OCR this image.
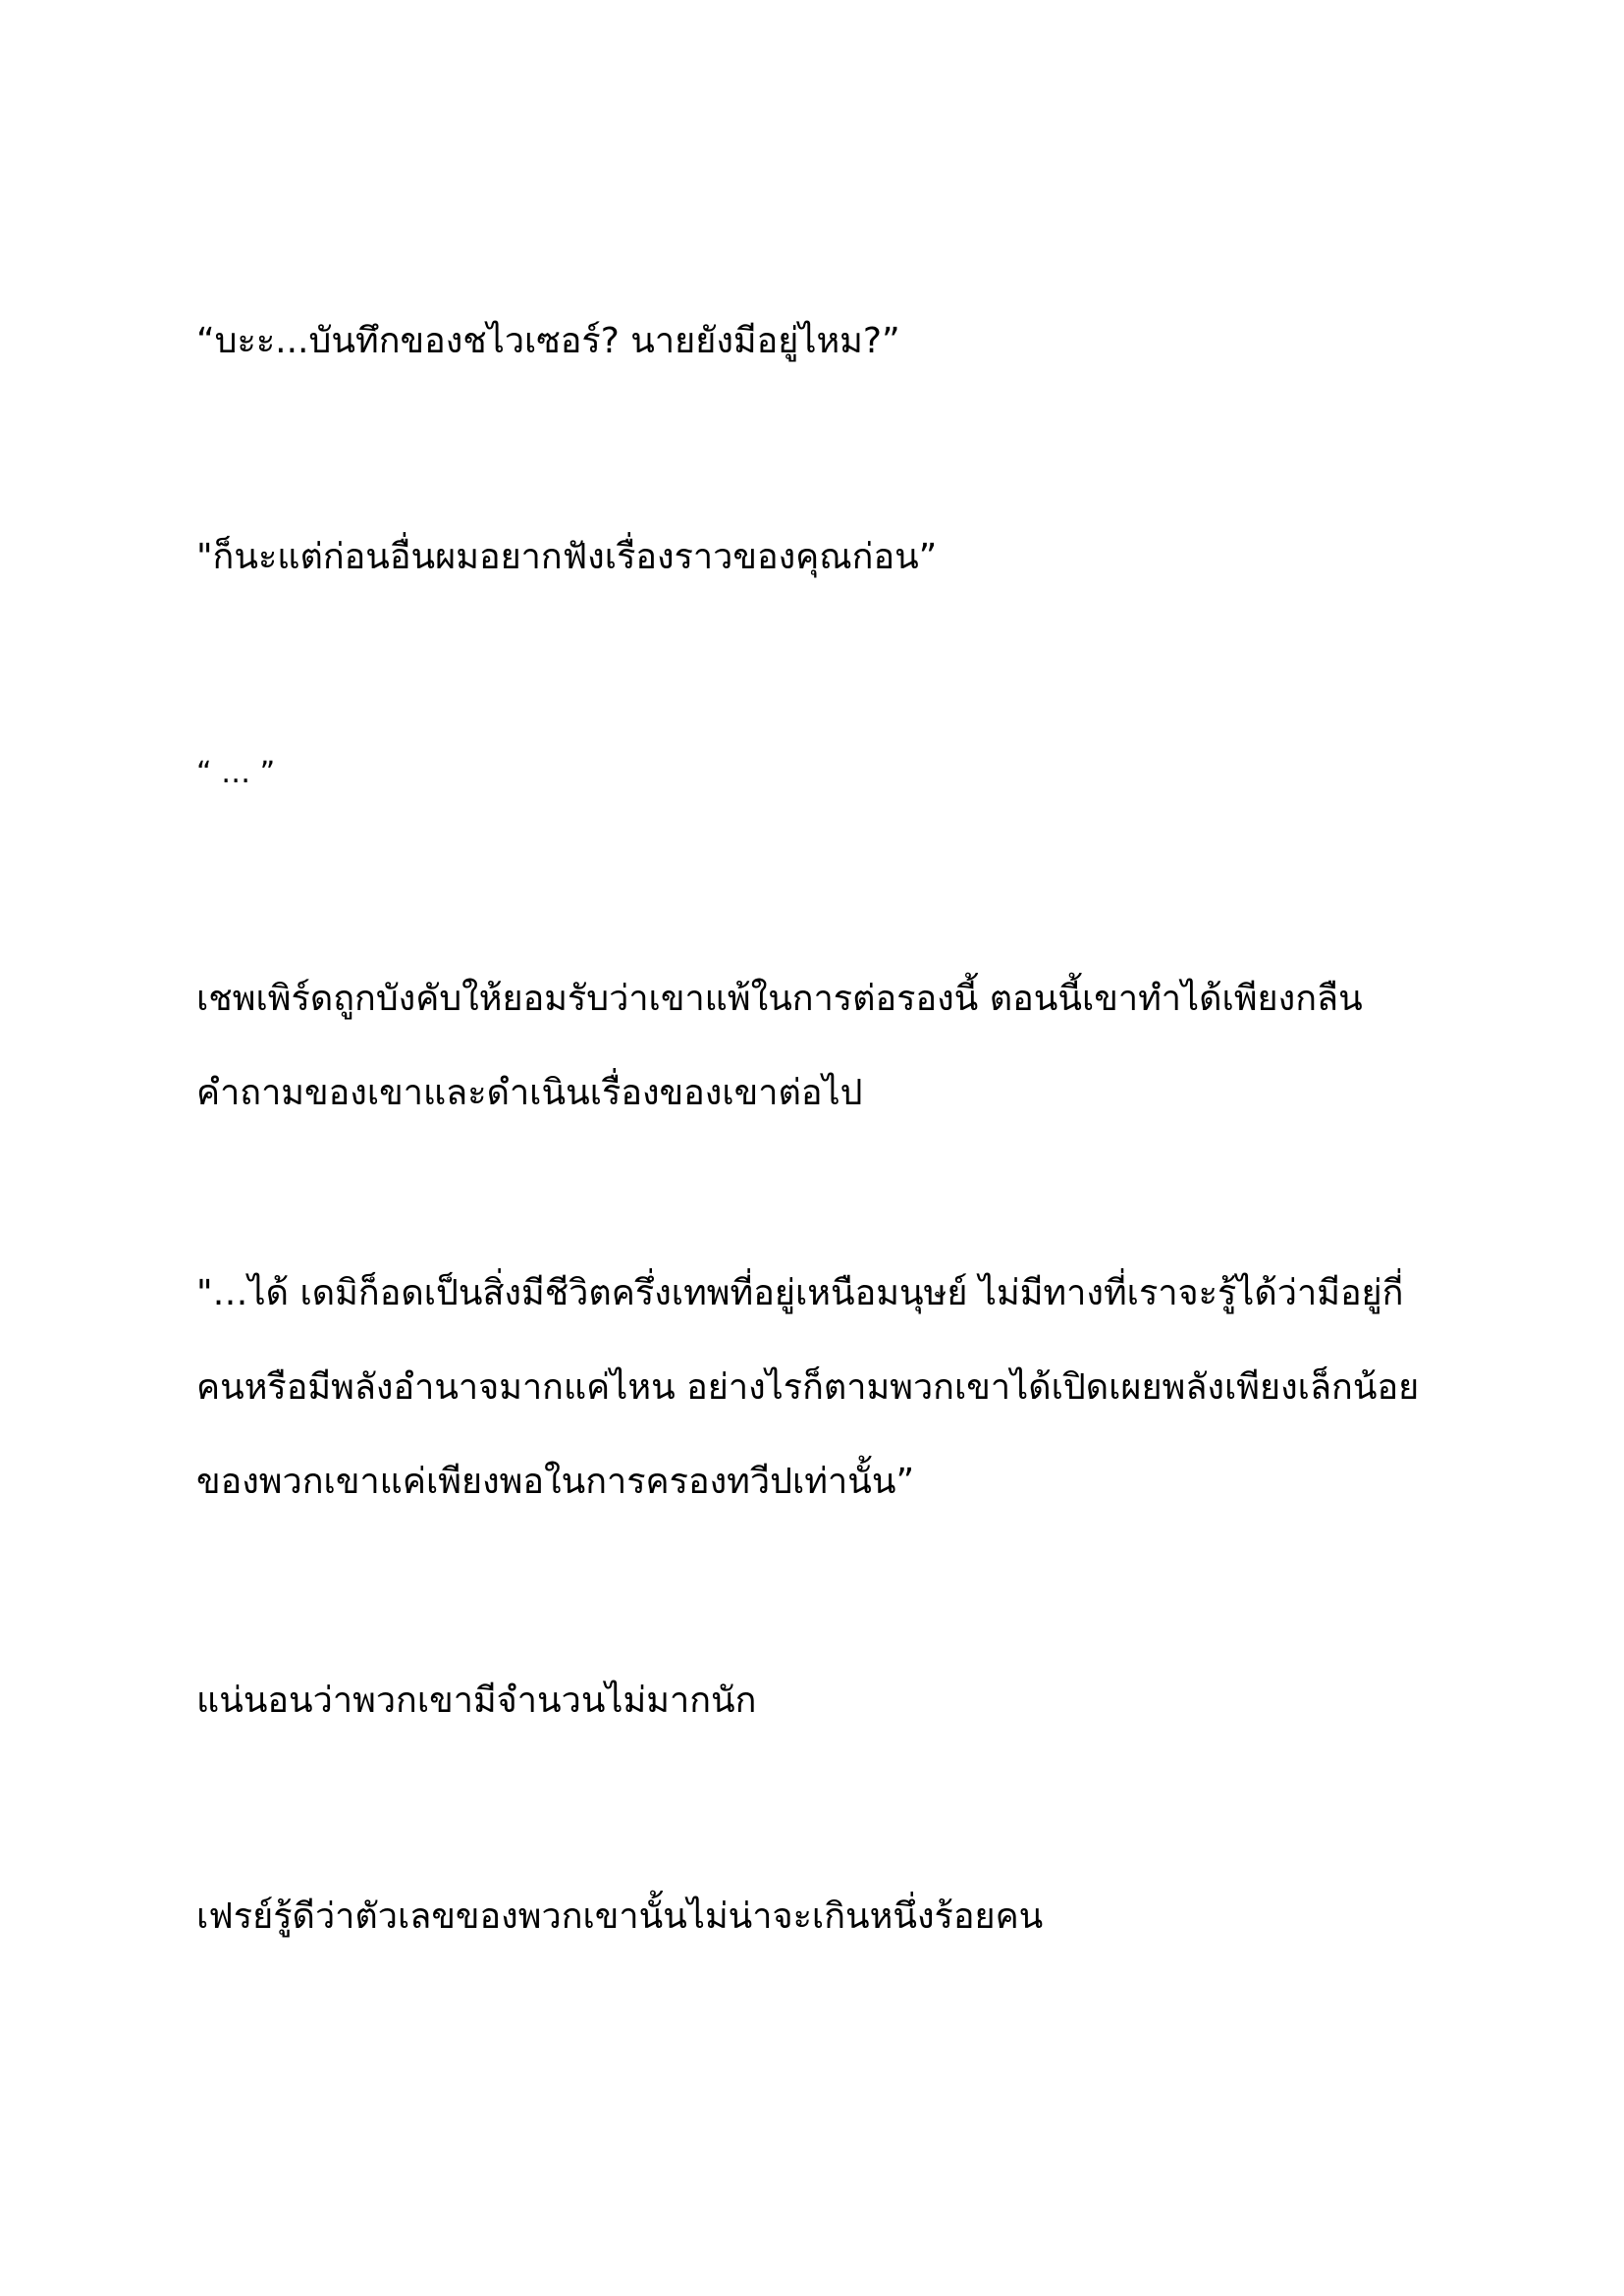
“บะะ...บันทึกของชไวเซอร์? นายยังมีอยู่ไหม?”

"ก็นะแต่ก่อนอื่นผมอยากฟังเรื่องราวของคุณก่อน”

“ … ”

เชพเพิร์ดถูกบังคับให้ยอมรับว่าเขาแพ้ในการต่อรองนี้ ตอนนี้เขาทำได้เพียงกลืน
คำถามของเขาและดำเนินเรื่องของเขาต่อไป

"…ได้ เดมิก็อดเป็นสิ่งมีชีวิตครึ่งเทพที่อยู่เหนือมนุษย์ ไม่มีทางที่เราจะรู้ได้ว่ามีอยู่กี่
คนหรือมีพลังอำนาจมากแค่ไหน อย่างไรก็ตามพวกเขาได้เปิดเผยพลังเพียงเล็กน้อย
ของพวกเขาแค่เพียงพอในการครองทวีปเท่านั้น”

แน่นอนว่าพวกเขามีจำนวนไม่มากนัก

เฟรย์รู้ดีว่าตัวเลขของพวกเขานั้นไม่น่าจะเกินหนึ่งร้อยคน
